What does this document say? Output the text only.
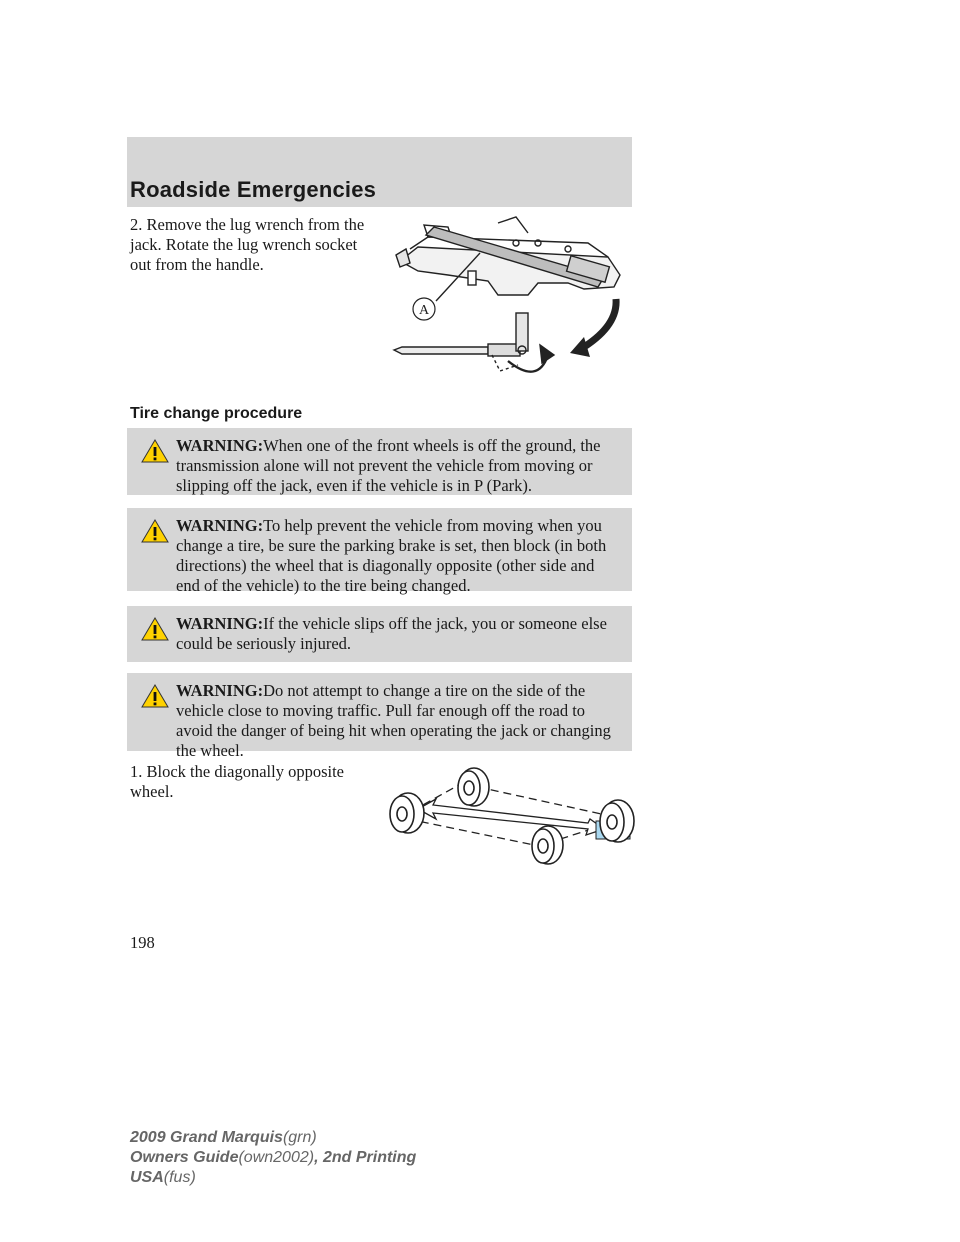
Roadside Emergencies
2. Remove the lug wrench from the jack. Rotate the lug wrench socket out from the handle.
A
Tire change procedure
WARNING:When one of the front wheels is off the ground, the transmission alone will not prevent the vehicle from moving or slipping off the jack, even if the vehicle is in P (Park).
WARNING:To help prevent the vehicle from moving when you change a tire, be sure the parking brake is set, then block (in both directions) the wheel that is diagonally opposite (other side and end of the vehicle) to the tire being changed.
WARNING:If the vehicle slips off the jack, you or someone else could be seriously injured.
WARNING:Do not attempt to change a tire on the side of the vehicle close to moving traffic. Pull far enough off the road to avoid the danger of being hit when operating the jack or changing the wheel.
1. Block the diagonally opposite wheel.
198
2009 Grand Marquis(grn)
Owners Guide(own2002), 2nd Printing
USA(fus)
